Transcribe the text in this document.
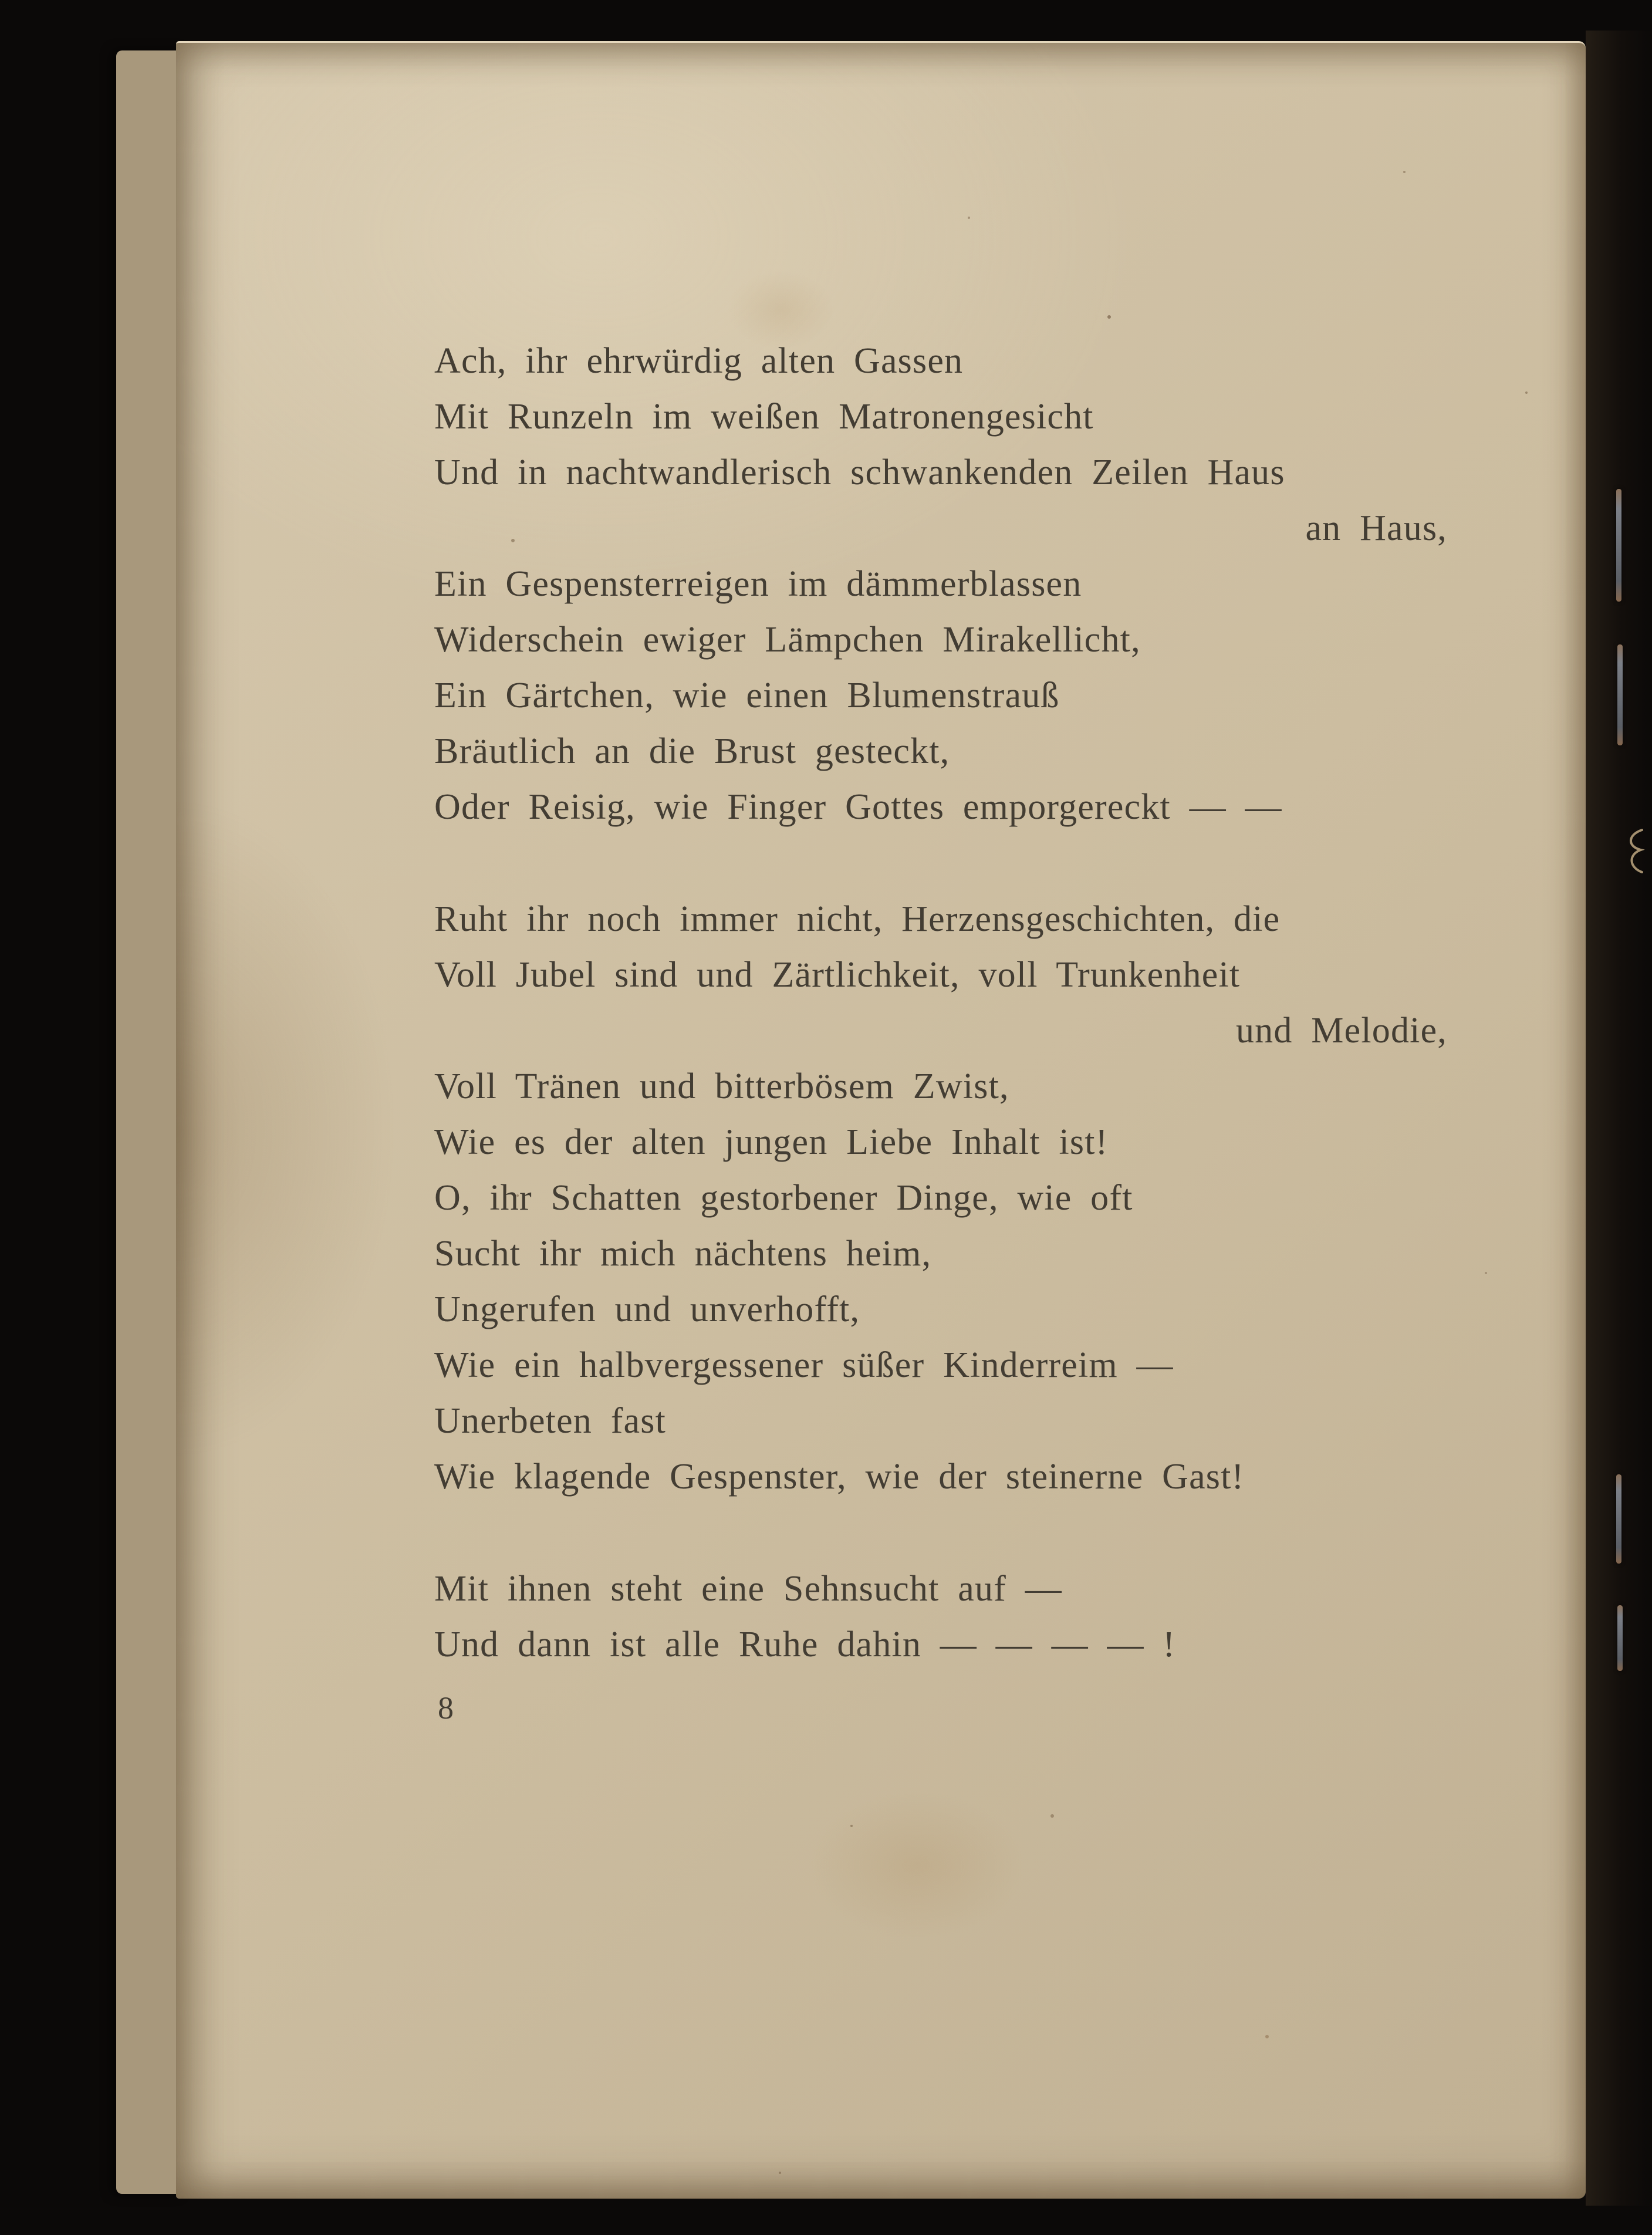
Ach, ihr ehrwürdig alten Gassen
Mit Runzeln im weißen Matronengesicht
Und in nachtwandlerisch schwankenden Zeilen Haus
an Haus,
Ein Gespensterreigen im dämmerblassen
Widerschein ewiger Lämpchen Mirakellicht,
Ein Gärtchen, wie einen Blumenstrauß
Bräutlich an die Brust gesteckt,
Oder Reisig, wie Finger Gottes emporgereckt — —
Ruht ihr noch immer nicht, Herzensgeschichten, die
Voll Jubel sind und Zärtlichkeit, voll Trunkenheit
und Melodie,
Voll Tränen und bitterbösem Zwist,
Wie es der alten jungen Liebe Inhalt ist!
O, ihr Schatten gestorbener Dinge, wie oft
Sucht ihr mich nächtens heim,
Ungerufen und unverhofft,
Wie ein halbvergessener süßer Kinderreim —
Unerbeten fast
Wie klagende Gespenster, wie der steinerne Gast!
Mit ihnen steht eine Sehnsucht auf —
Und dann ist alle Ruhe dahin — — — — !
8
